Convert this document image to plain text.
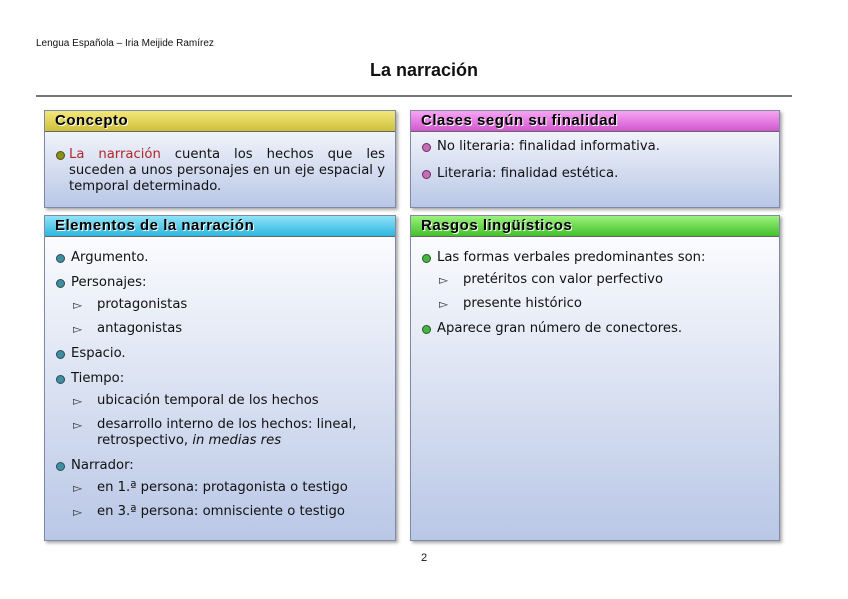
Lengua Española – Iria Meijide Ramírez
La narración
Concepto
La narración cuenta los hechos que les suceden a unos personajes en un eje espacial y temporal determinado.
Clases según su finalidad
No literaria: finalidad informativa.
Literaria: finalidad estética.
Elementos de la narración
Argumento.
Personajes:
▻ protagonistas
▻ antagonistas
Espacio.
Tiempo:
▻ ubicación temporal de los hechos
▻ desarrollo interno de los hechos: lineal, retrospectivo, in medias res
Narrador:
▻ en 1.ª persona: protagonista o testigo
▻ en 3.ª persona: omnisciente o testigo
Rasgos lingüísticos
Las formas verbales predominantes son:
▻ pretéritos con valor perfectivo
▻ presente histórico
Aparece gran número de conectores.
2
